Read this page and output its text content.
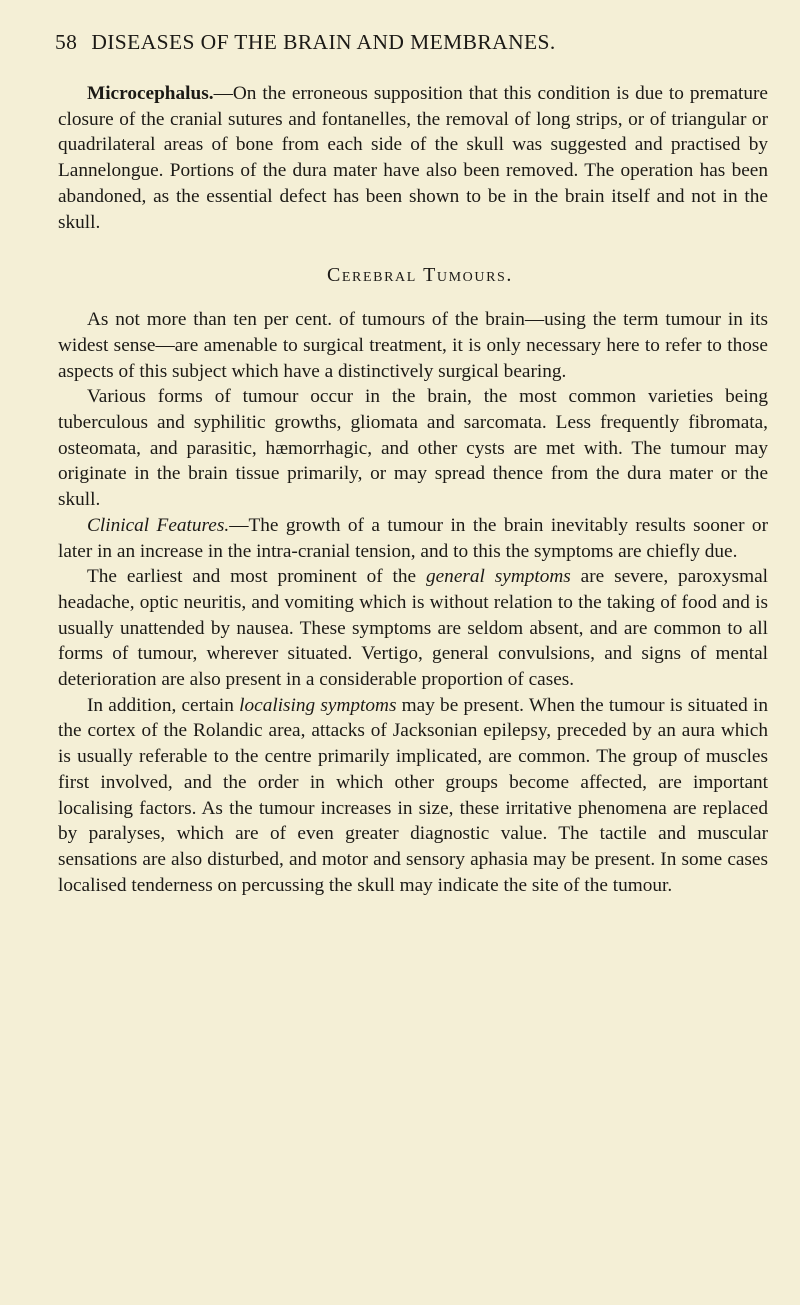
58 DISEASES OF THE BRAIN AND MEMBRANES.

Microcephalus.—On the erroneous supposition that this condition is due to premature closure of the cranial sutures and fontanelles, the removal of long strips, or of triangular or quadrilateral areas of bone from each side of the skull was suggested and practised by Lannelongue. Portions of the dura mater have also been removed. The operation has been abandoned, as the essential defect has been shown to be in the brain itself and not in the skull.

Cerebral Tumours.

As not more than ten per cent. of tumours of the brain—using the term tumour in its widest sense—are amenable to surgical treatment, it is only necessary here to refer to those aspects of this subject which have a distinctively surgical bearing.

Various forms of tumour occur in the brain, the most common varieties being tuberculous and syphilitic growths, gliomata and sarcomata. Less frequently fibromata, osteomata, and parasitic, hæmorrhagic, and other cysts are met with. The tumour may originate in the brain tissue primarily, or may spread thence from the dura mater or the skull.

Clinical Features.—The growth of a tumour in the brain inevitably results sooner or later in an increase in the intra-cranial tension, and to this the symptoms are chiefly due.

The earliest and most prominent of the general symptoms are severe, paroxysmal headache, optic neuritis, and vomiting which is without relation to the taking of food and is usually unattended by nausea. These symptoms are seldom absent, and are common to all forms of tumour, wherever situated. Vertigo, general convulsions, and signs of mental deterioration are also present in a considerable proportion of cases.

In addition, certain localising symptoms may be present. When the tumour is situated in the cortex of the Rolandic area, attacks of Jacksonian epilepsy, preceded by an aura which is usually referable to the centre primarily implicated, are common. The group of muscles first involved, and the order in which other groups become affected, are important localising factors. As the tumour increases in size, these irritative phenomena are replaced by paralyses, which are of even greater diagnostic value. The tactile and muscular sensations are also disturbed, and motor and sensory aphasia may be present. In some cases localised tenderness on percussing the skull may indicate the site of the tumour.
